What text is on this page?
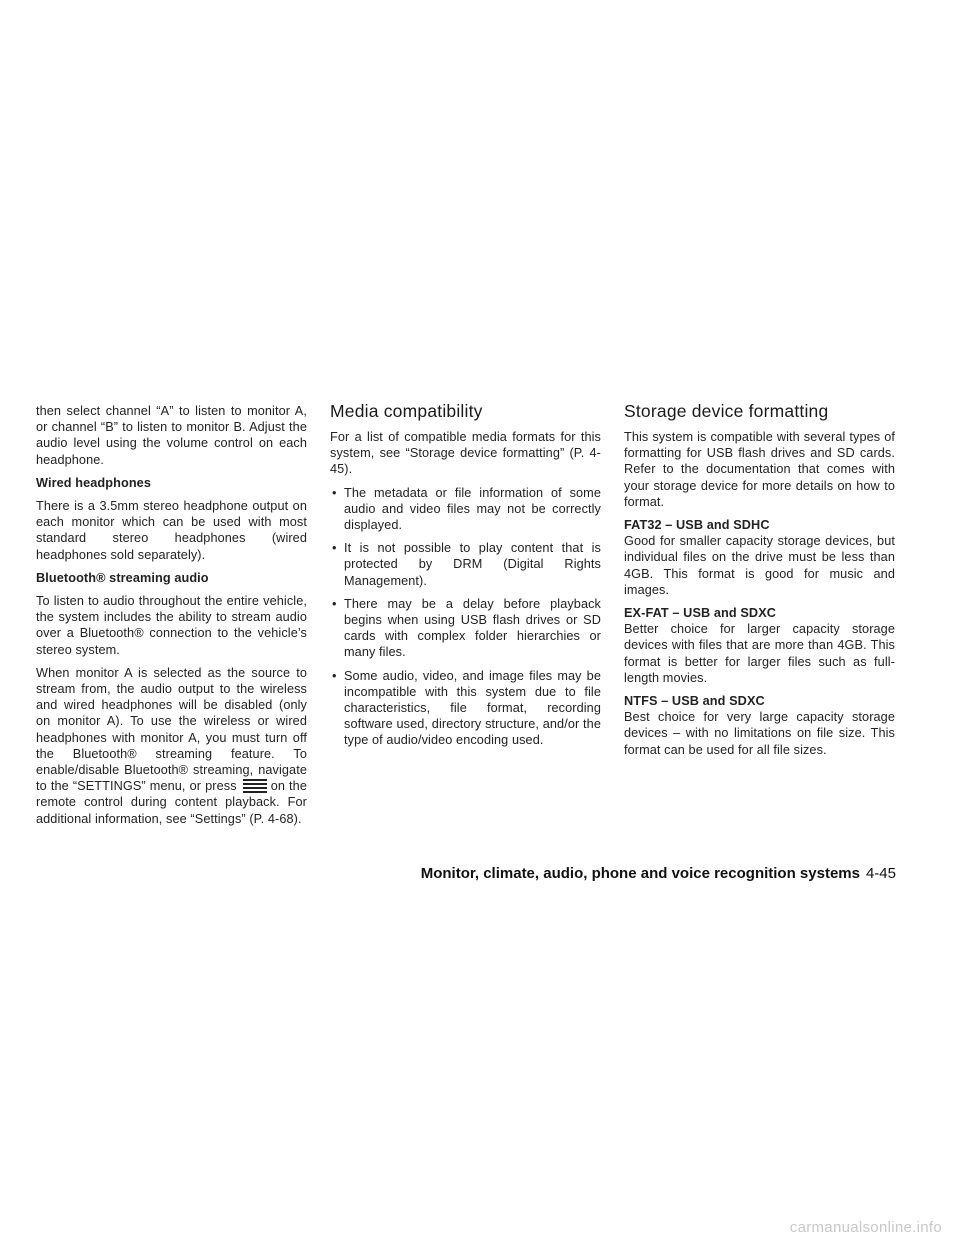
then select channel “A” to listen to monitor A, or channel “B” to listen to monitor B. Adjust the audio level using the volume control on each headphone.

Wired headphones

There is a 3.5mm stereo headphone output on each monitor which can be used with most standard stereo headphones (wired headphones sold separately).

Bluetooth® streaming audio

To listen to audio throughout the entire vehicle, the system includes the ability to stream audio over a Bluetooth® connection to the vehicle’s stereo system.

When monitor A is selected as the source to stream from, the audio output to the wireless and wired headphones will be disabled (only on monitor A). To use the wireless or wired headphones with monitor A, you must turn off the Bluetooth® streaming feature. To enable/disable Bluetooth® streaming, navigate to the “SETTINGS” menu, or press	on the remote control during content playback. For additional information, see “Settings” (P. 4-68).

Media compatibility

For a list of compatible media formats for this system, see “Storage device formatting” (P. 4-45).

• The metadata or file information of some audio and video files may not be correctly displayed.
• It is not possible to play content that is protected by DRM (Digital Rights Management).
• There may be a delay before playback begins when using USB flash drives or SD cards with complex folder hierarchies or many files.
• Some audio, video, and image files may be incompatible with this system due to file characteristics, file format, recording software used, directory structure, and/or the type of audio/video encoding used.
Storage device formatting

This system is compatible with several types of formatting for USB flash drives and SD cards. Refer to the documentation that comes with your storage device for more details on how to format.

FAT32 – USB and SDHC

Good for smaller capacity storage devices, but individual files on the drive must be less than 4GB. This format is good for music and images.

EX-FAT – USB and SDXC

Better choice for larger capacity storage devices with files that are more than 4GB. This format is better for larger files such as full-length movies.

NTFS – USB and SDXC

Best choice for very large capacity storage devices – with no limitations on file size. This format can be used for all file sizes.

Monitor, climate, audio, phone and voice recognition systems 4-45
carmanualsonline.info
